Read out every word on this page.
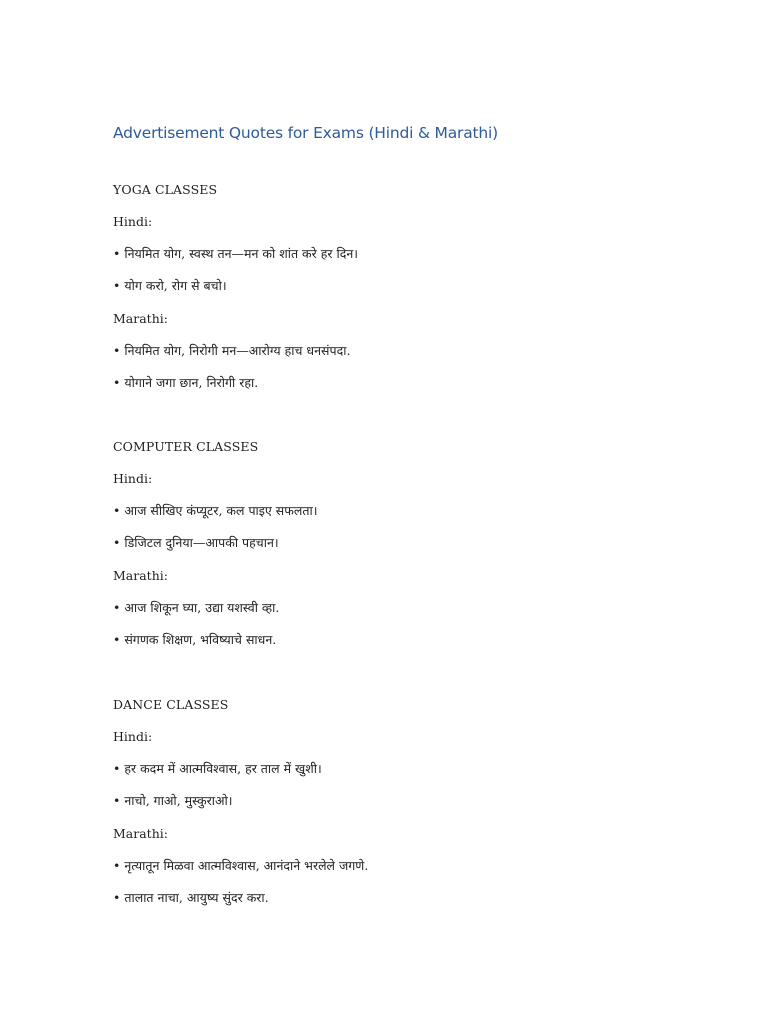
Advertisement Quotes for Exams (Hindi & Marathi)
YOGA CLASSES
Hindi:
• नियमित योग, स्वस्थ तन—मन को शांत करे हर दिन।
• योग करो, रोग से बचो।
Marathi:
• नियमित योग, निरोगी मन—आरोग्य हाच धनसंपदा.
• योगाने जगा छान, निरोगी रहा.
COMPUTER CLASSES
Hindi:
• आज सीखिए कंप्यूटर, कल पाइए सफलता।
• डिजिटल दुनिया—आपकी पहचान।
Marathi:
• आज शिकून घ्या, उद्या यशस्वी व्हा.
• संगणक शिक्षण, भविष्याचे साधन.
DANCE CLASSES
Hindi:
• हर कदम में आत्मविश्वास, हर ताल में खुशी।
• नाचो, गाओ, मुस्कुराओ।
Marathi:
• नृत्यातून मिळवा आत्मविश्वास, आनंदाने भरलेले जगणे.
• तालात नाचा, आयुष्य सुंदर करा.
